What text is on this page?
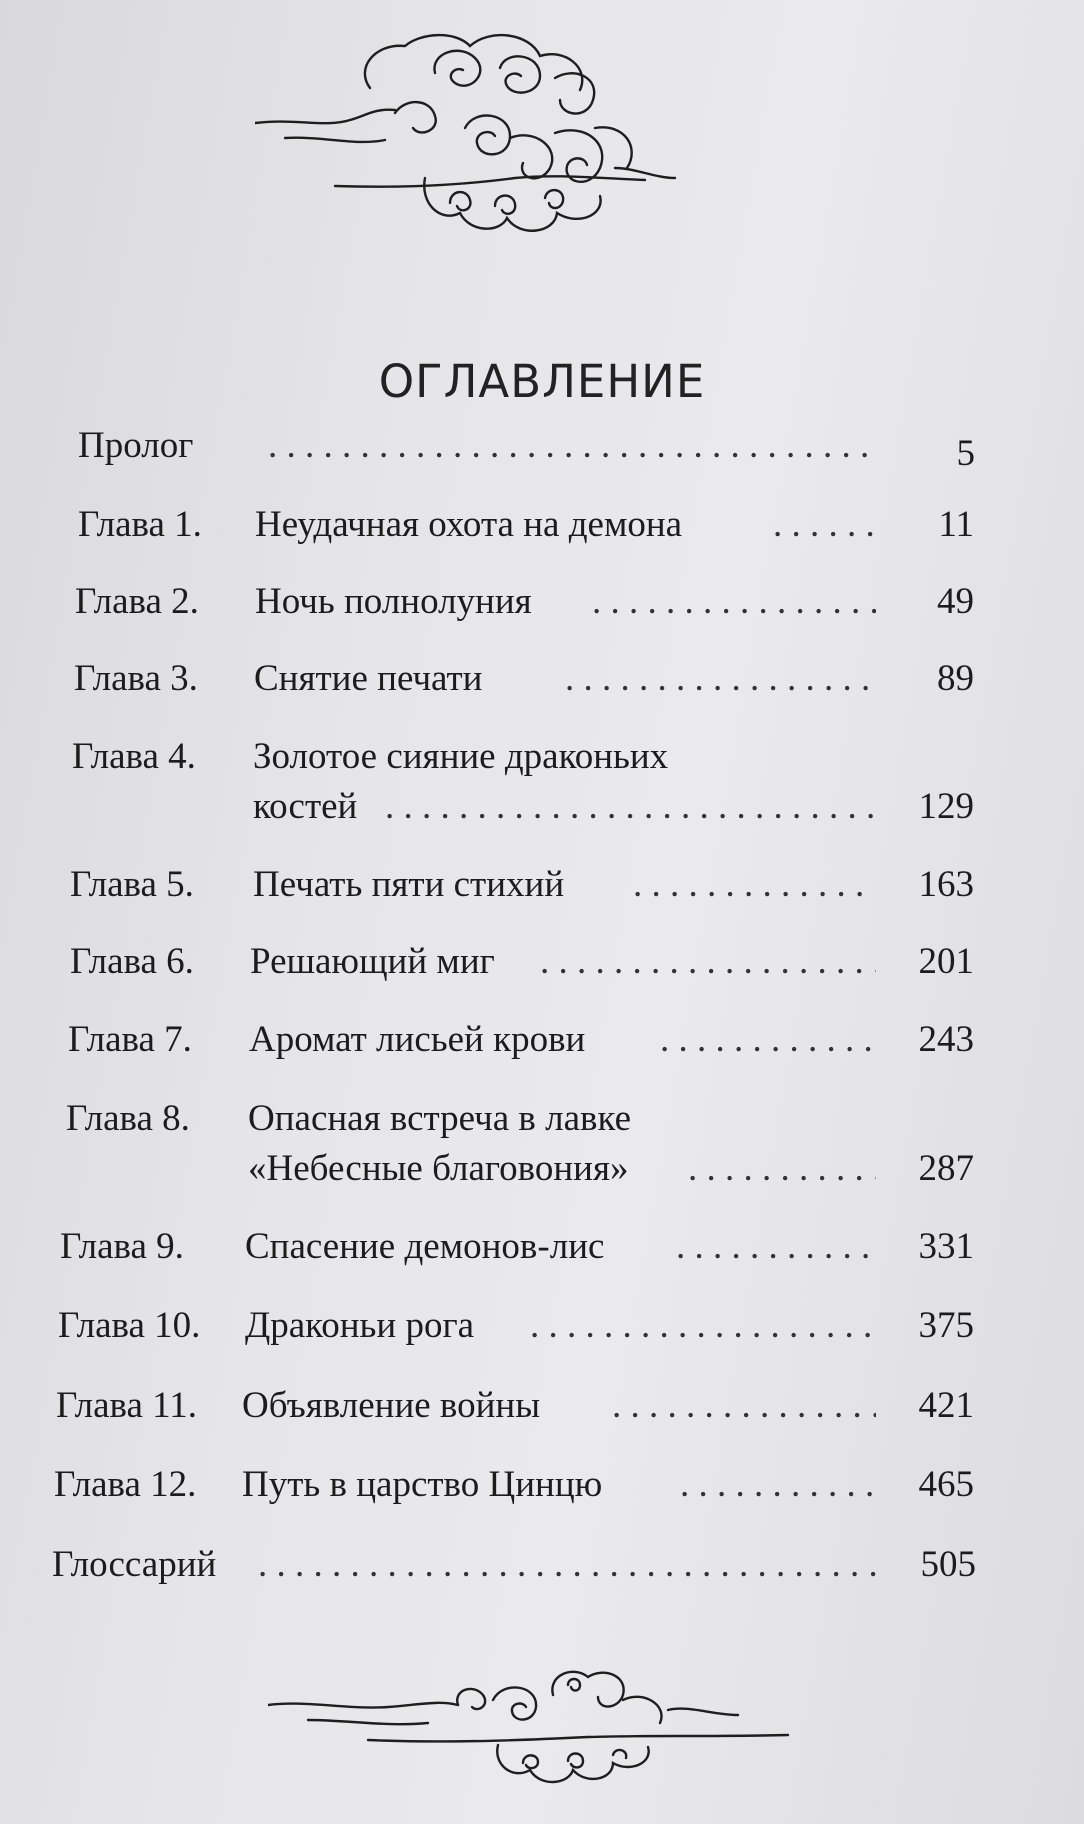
ОГЛАВЛЕНИЕ
Пролог . . .	5
Глава 1. Неудачная охота на демона . . .	11
Глава 2. Ночь полнолуния . . .	49
Глава 3. Снятие печати . . .	89
Глава 4. Золотое сияние драконьих
костей . . .	129
Глава 5. Печать пяти стихий . . .	163
Глава 6. Решающий миг . . .	201
Глава 7. Аромат лисьей крови . . .	243
Глава 8. Опасная встреча в лавке
«Небесные благовония» . . .	287
Глава 9. Спасение демонов-лис . . .	331
Глава 10. Драконьи рога . . .	375
Глава 11. Объявление войны . . .	421
Глава 12. Путь в царство Цинцю . . .	465
Глоссарий . . .	505
